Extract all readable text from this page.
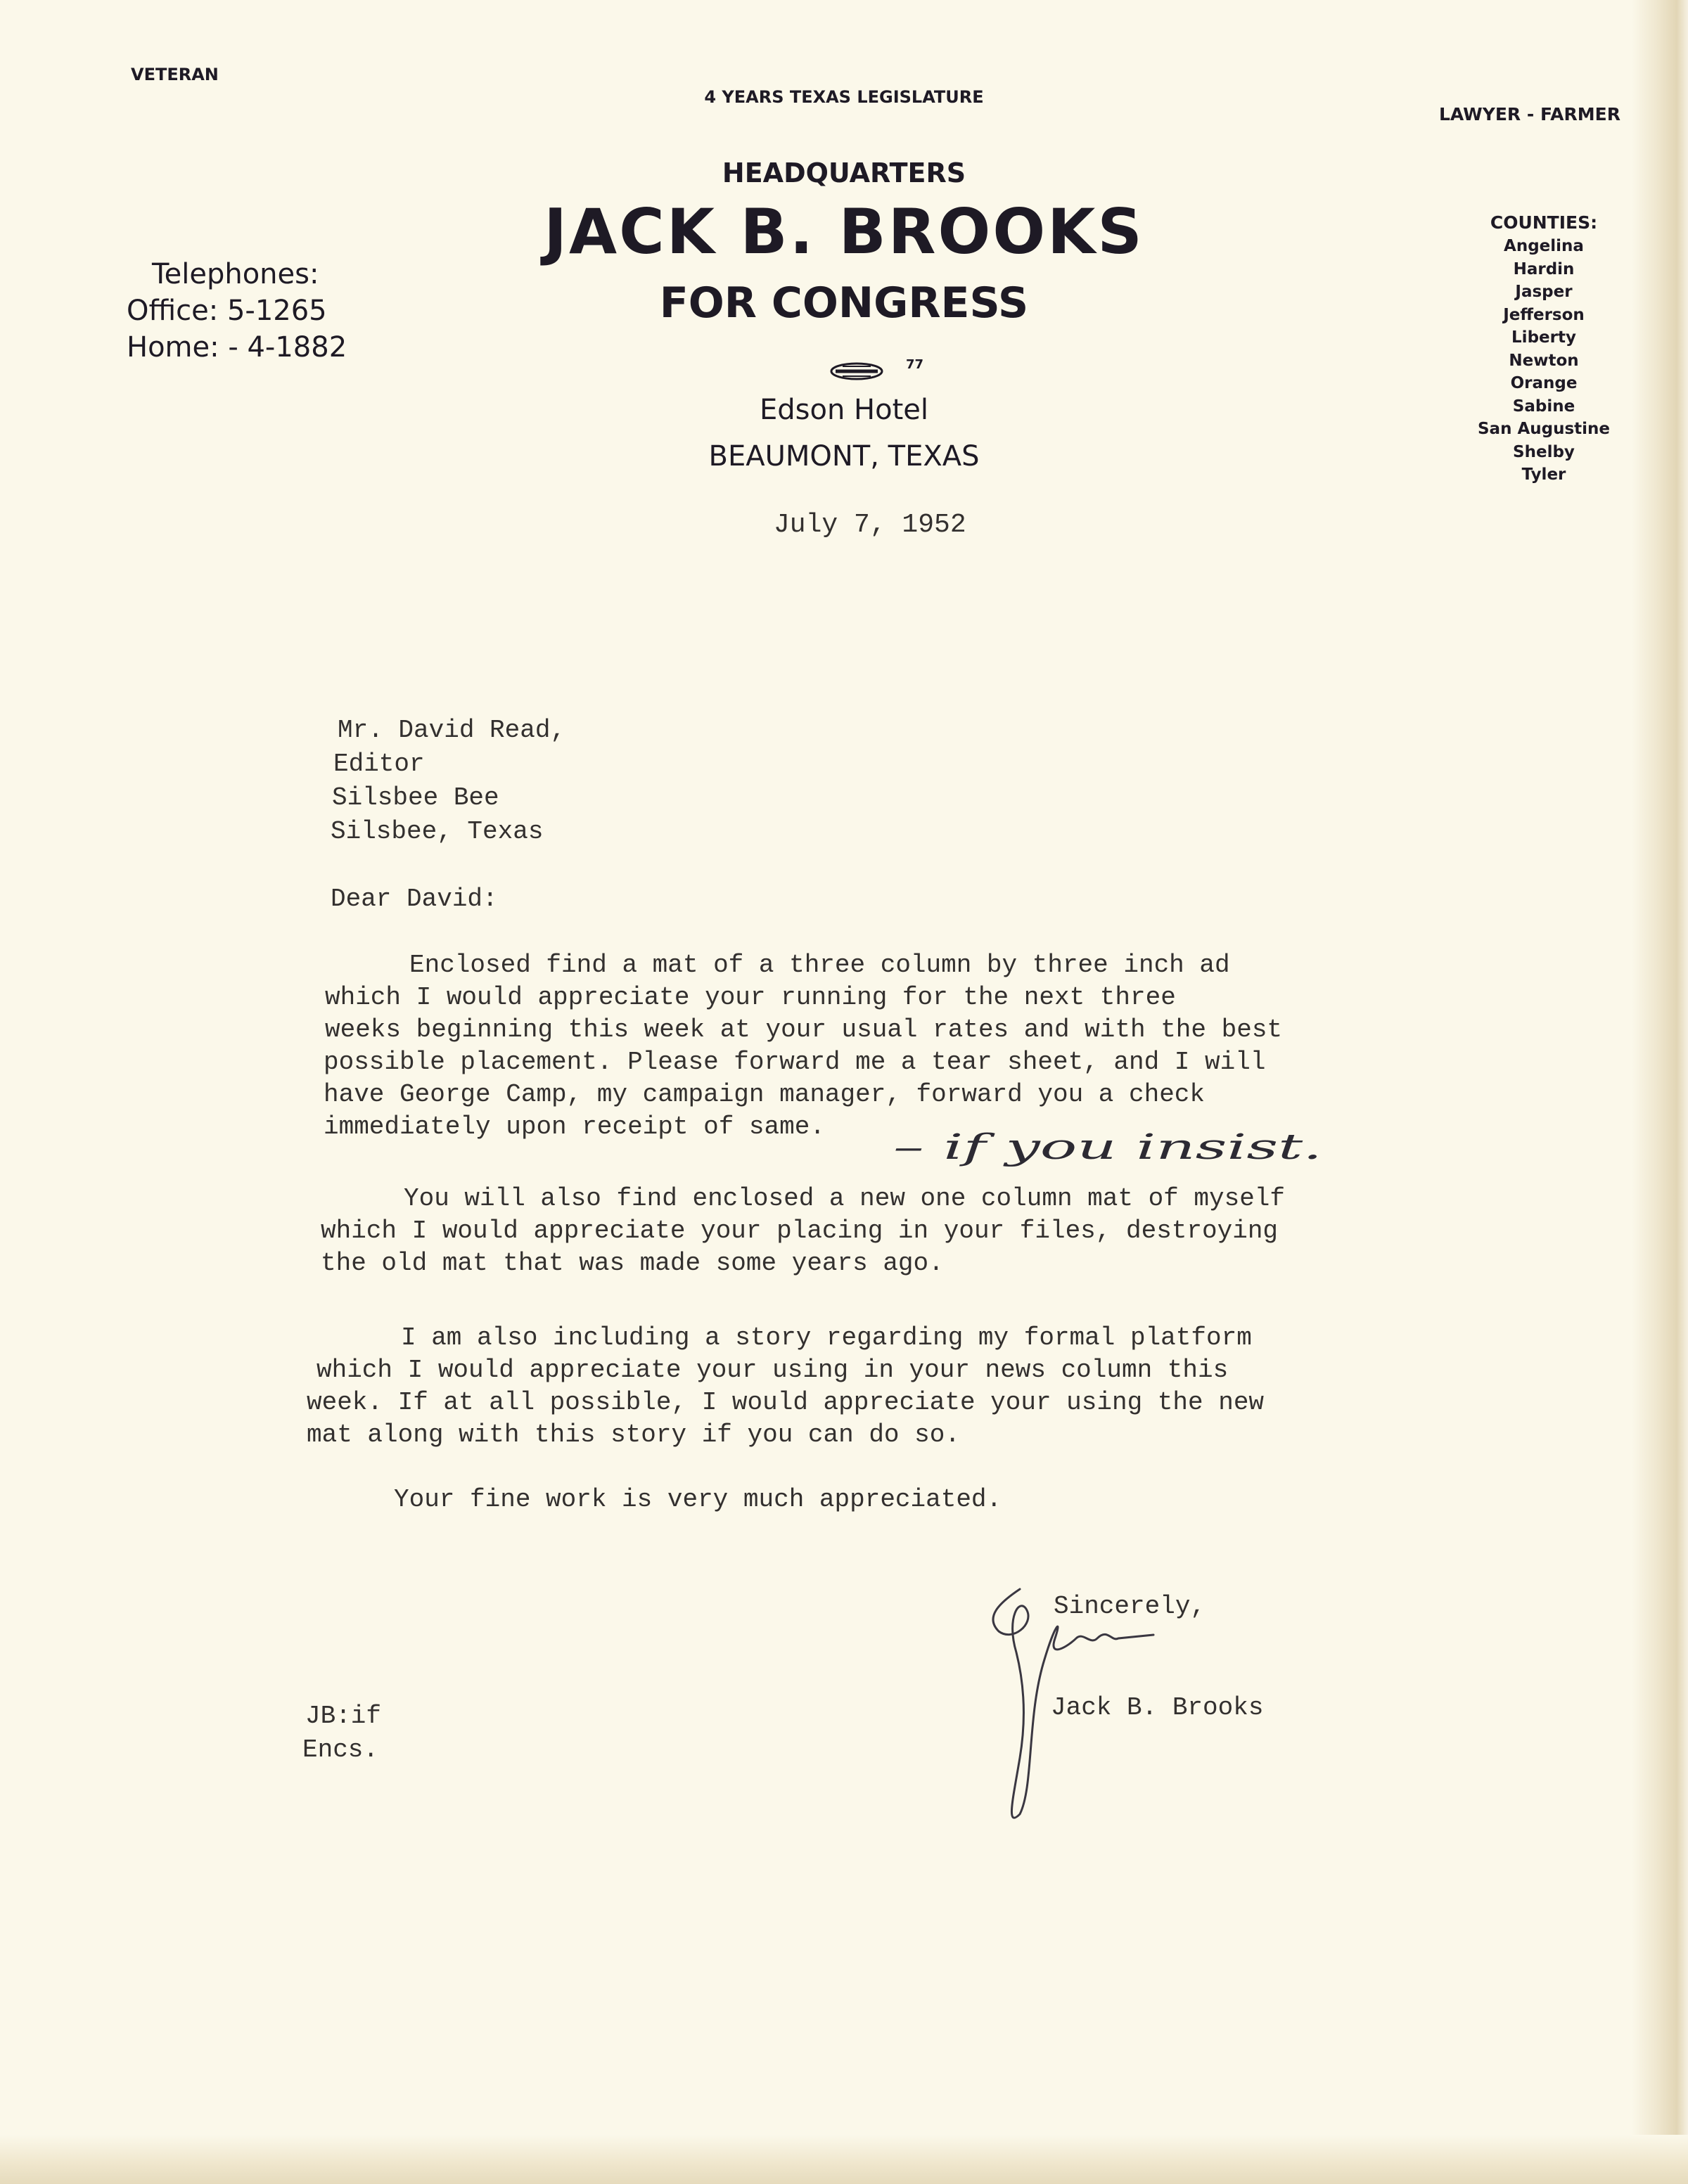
VETERAN

4 YEARS TEXAS LEGISLATURE

LAWYER - FARMER

HEADQUARTERS

JACK B. BROOKS

FOR CONGRESS

77

Edson Hotel

BEAUMONT, TEXAS

Telephones:
Office: 5-1265
Home: - 4-1882
COUNTIES:
Angelina
Hardin
Jasper
Jefferson
Liberty
Newton
Orange
Sabine
San Augustine
Shelby
Tyler

July 7, 1952

Mr. David Read,

Editor

Silsbee Bee

Silsbee, Texas

Dear David:

Enclosed find a mat of a three column by three inch ad

which I would appreciate your running for the next three

weeks beginning this week at your usual rates and with the best

possible placement. Please forward me a tear sheet, and I will

have George Camp, my campaign manager, forward you a check

immediately upon receipt of same. – if you insist.

You will also find enclosed a new one column mat of myself

which I would appreciate your placing in your files, destroying

the old mat that was made some years ago.

I am also including a story regarding my formal platform

which I would appreciate your using in your news column this

week. If at all possible, I would appreciate your using the new

mat along with this story if you can do so.

Your fine work is very much appreciated.

Sincerely,

Jack B. Brooks

JB:if

Encs.
